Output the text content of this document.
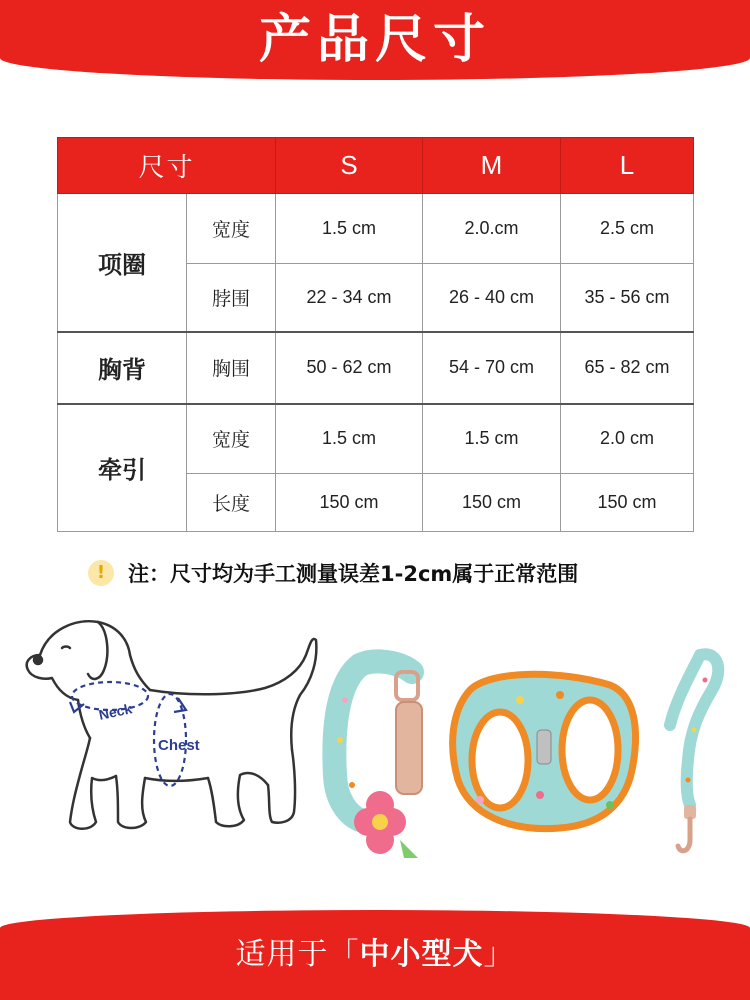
产品尺寸
尺寸		S	M	L
项圈	宽度	1.5 cm	2.0.cm	2.5 cm
	脖围	22 - 34 cm	26 - 40 cm	35 - 56 cm
胸背	胸围	50 - 62 cm	54 - 70 cm	65 - 82 cm
牵引	宽度	1.5 cm	1.5 cm	2.0 cm
	长度	150 cm	150 cm	150 cm
!	注：尺寸均为手工测量误差1-2cm属于正常范围
Neck
Chest
适用于「中小型犬」
